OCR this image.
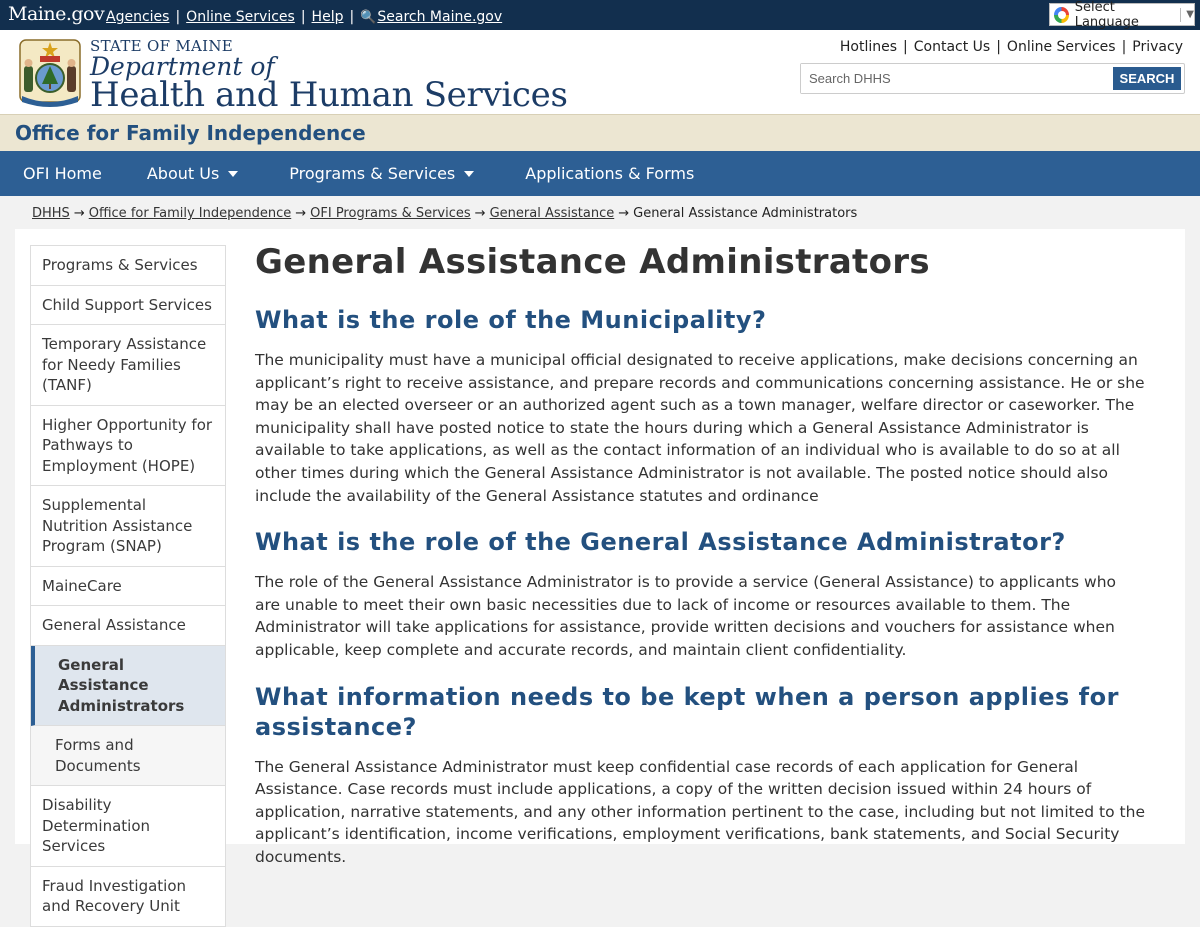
Maine.gov Agencies | Online Services | Help | 🔍Search Maine.gov
Select Language	▼
STATE OF MAINE
Department of
Health and Human Services
Hotlines | Contact Us | Online Services | Privacy
Search DHHS
SEARCH
Office for Family Independence
OFI Home	About Us	Programs & Services	Applications & Forms
DHHS → Office for Family Independence → OFI Programs & Services → General Assistance → General Assistance Administrators
Programs & Services
Child Support Services
Temporary Assistance for Needy Families (TANF)
Higher Opportunity for Pathways to Employment (HOPE)
Supplemental Nutrition Assistance Program (SNAP)
MaineCare
General Assistance
General Assistance Administrators
Forms and Documents
Disability Determination Services
Fraud Investigation and Recovery Unit
General Assistance Administrators
What is the role of the Municipality?

The municipality must have a municipal official designated to receive applications, make decisions concerning an applicant’s right to receive assistance, and prepare records and communications concerning assistance. He or she may be an elected overseer or an authorized agent such as a town manager, welfare director or caseworker. The municipality shall have posted notice to state the hours during which a General Assistance Administrator is available to take applications, as well as the contact information of an individual who is available to do so at all other times during which the General Assistance Administrator is not available. The posted notice should also include the availability of the General Assistance statutes and ordinance

What is the role of the General Assistance Administrator?

The role of the General Assistance Administrator is to provide a service (General Assistance) to applicants who are unable to meet their own basic necessities due to lack of income or resources available to them. The Administrator will take applications for assistance, provide written decisions and vouchers for assistance when applicable, keep complete and accurate records, and maintain client confidentiality.

What information needs to be kept when a person applies for assistance?

The General Assistance Administrator must keep confidential case records of each application for General Assistance. Case records must include applications, a copy of the written decision issued within 24 hours of application, narrative statements, and any other information pertinent to the case, including but not limited to the applicant’s identification, income verifications, employment verifications, bank statements, and Social Security documents.
